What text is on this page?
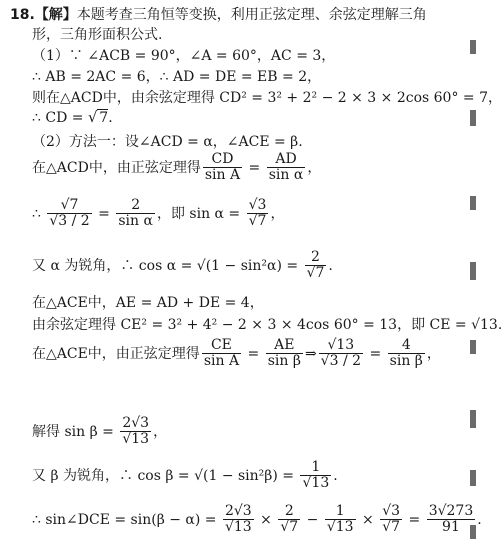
18.【解】本题考查三角恒等变换，利用正弦定理、余弦定理解三角
形，三角形面积公式.
（1）∵ ∠ACB = 90°，∠A = 60°，AC = 3，
∴ AB = 2AC = 6，∴ AD = DE = EB = 2，
则在△ACD中，由余弦定理得 CD² = 3² + 2² − 2 × 3 × 2cos 60° = 7，
∴ CD = √ 7.
（2）方法一：设∠ACD = α，∠ACE = β.
在△ACD中，由正弦定理得 $\frac{CD}{\text{sin A}} = \frac{AD}{\text{sin α}}$ ，
∴ $\frac{√7}{√3 / 2} = \frac{2}{\text{sin α}}$ ，即 $\sin \alpha = \frac{√3}{√7}$ ，
又 α 为锐角，∴ $\cos \alpha = √(1 - \sin^2\alpha) = \frac{2}{√7}$ .
在△ACE中，AE = AD + DE = 4，
由余弦定理得 CE² = 3² + 4² − 2 × 3 × 4cos 60° = 13，即 CE = √13.
在△ACE中，由正弦定理得 $\frac{CE}{\text{sin A}} = \frac{AE}{\text{sin β}}$ ⇒ $\frac{√13}{√3 / 2} = \frac{4}{\text{sin β}}$ ，
解得 $\sin \beta = \frac{2√3}{√13}$ ，
又 β 为锐角，∴ $\cos \beta = √(1 - \sin^2\beta) = \frac{1}{√13}$ .
∴ sin∠DCE = $\sin(\beta - \alpha) = \frac{2√3}{√13} \times \frac{2}{√7} - \frac{1}{√13} \times \frac{√3}{√7} = \frac{3√273}{91}$ .
